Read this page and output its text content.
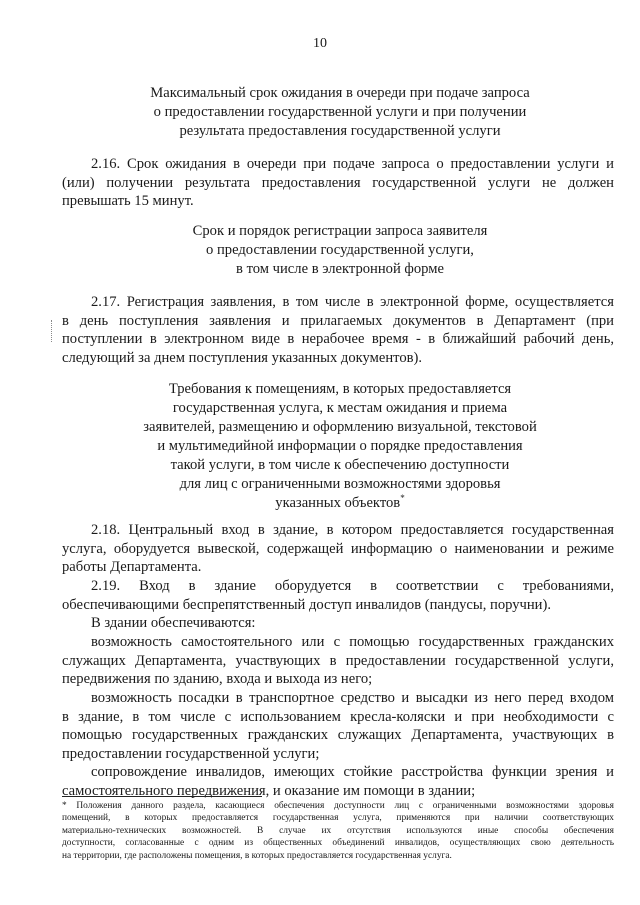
10
Максимальный срок ожидания в очереди при подаче запроса
о предоставлении государственной услуги и при получении
результата предоставления государственной услуги
2.16. Срок ожидания в очереди при подаче запроса о предоставлении услуги и
(или) получении результата предоставления государственной услуги не должен
превышать 15 минут.
Срок и порядок регистрации запроса заявителя
о предоставлении государственной услуги,
в том числе в электронной форме
2.17. Регистрация заявления, в том числе в электронной форме, осуществляется
в день поступления заявления и прилагаемых документов в Департамент (при
поступлении в электронном виде в нерабочее время - в ближайший рабочий день,
следующий за днем поступления указанных документов).
Требования к помещениям, в которых предоставляется
государственная услуга, к местам ожидания и приема
заявителей, размещению и оформлению визуальной, текстовой
и мультимедийной информации о порядке предоставления
такой услуги, в том числе к обеспечению доступности
для лиц с ограниченными возможностями здоровья
указанных объектов*
2.18. Центральный вход в здание, в котором предоставляется государственная
услуга, оборудуется вывеской, содержащей информацию о наименовании и режиме
работы Департамента.
2.19. Вход в здание оборудуется в соответствии с требованиями,
обеспечивающими беспрепятственный доступ инвалидов (пандусы, поручни).
В здании обеспечиваются:
возможность самостоятельного или с помощью государственных гражданских
служащих Департамента, участвующих в предоставлении государственной услуги,
передвижения по зданию, входа и выхода из него;
возможность посадки в транспортное средство и высадки из него перед входом
в здание, в том числе с использованием кресла-коляски и при необходимости с
помощью государственных гражданских служащих Департамента, участвующих в
предоставлении государственной услуги;
сопровождение инвалидов, имеющих стойкие расстройства функции зрения и
самостоятельного передвижения, и оказание им помощи в здании;
* Положения данного раздела, касающиеся обеспечения доступности лиц с ограниченными возможностями здоровья
помещений, в которых предоставляется государственная услуга, применяются при наличии соответствующих
материально-технических возможностей. В случае их отсутствия используются иные способы обеспечения
доступности, согласованные с одним из общественных объединений инвалидов, осуществляющих свою деятельность
на территории, где расположены помещения, в которых предоставляется государственная услуга.
